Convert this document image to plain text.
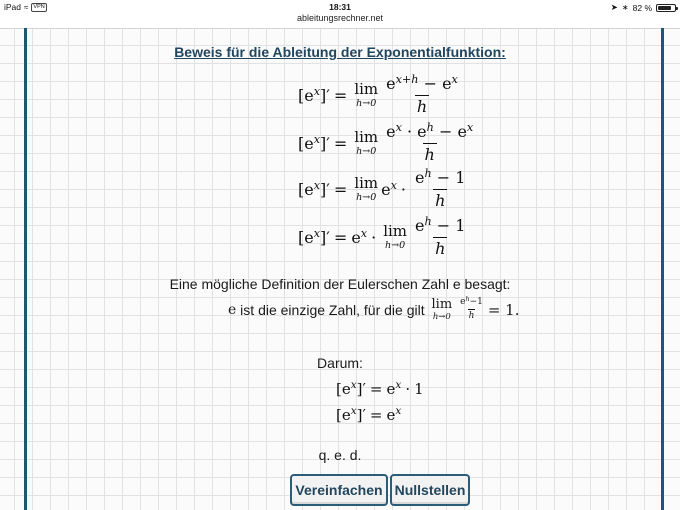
iPad ≈ VPN	18:31	➤ ∗ 82 %
ableitungsrechner.net
Beweis für die Ableitung der Exponentialfunktion:
$[e^x]' = \lim$
$h\to 0 \frac{e^{x+h} - e^x}{h}$
$[e^x]' = \lim$
$h\to 0 \frac{e^x \cdot e^h - e^x}{h}$
$[e^x]' = \lim$
h→0 $e^x \cdot \frac{e^h - 1}{h}$
$[e^x]' = e^x \cdot \lim$
$h\to 0 \frac{e^h - 1}{h}$
Eine mögliche Definition der Eulerschen Zahl e besagt:
e ist die einzige Zahl, für die gilt lim
$h\to 0 \frac{e^h-1}{h} = 1$.
Darum:
$[e^x]' = e^x \cdot 1$
$[e^x]' = e^x$
q. e. d.
Vereinfachen Nullstellen
